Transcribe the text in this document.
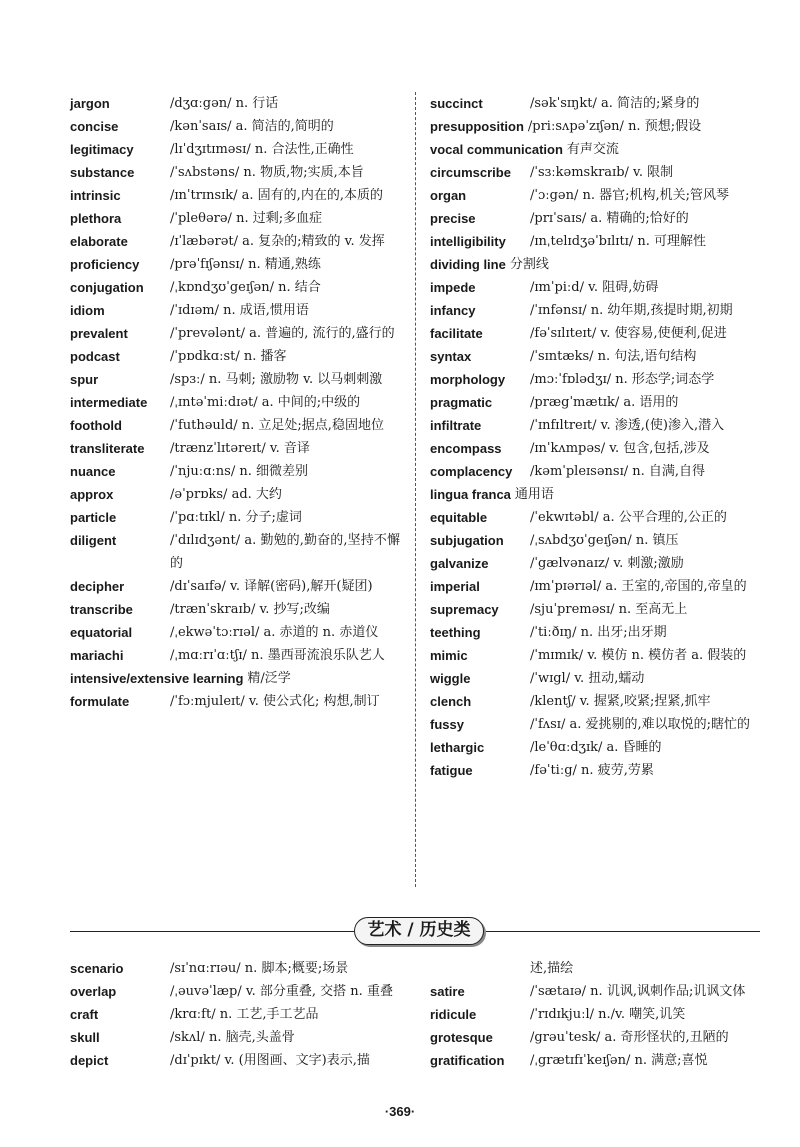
jargon	/dʒɑːgən/ n. 行话
concise	/kənˈsaɪs/ a. 简洁的,简明的
legitimacy	/lɪˈdʒɪtɪməsɪ/ n. 合法性,正确性
substance	/ˈsʌbstəns/ n. 物质,物;实质,本旨
intrinsic	/ɪnˈtrɪnsɪk/ a. 固有的,内在的,本质的
plethora	/ˈpleθərə/ n. 过剩;多血症
elaborate	/ɪˈlæbərət/ a. 复杂的;精致的 v. 发挥
proficiency	/prəˈfɪʃənsɪ/ n. 精通,熟练
conjugation	/ˌkɒndʒʊˈgeɪʃən/ n. 结合
idiom	/ˈɪdɪəm/ n. 成语,惯用语
prevalent	/ˈprevələnt/ a. 普遍的, 流行的,盛行的
podcast	/ˈpɒdkɑːst/ n. 播客
spur	/spɜː/ n. 马刺; 激励物 v. 以马刺刺激
intermediate	/ˌɪntəˈmiːdɪət/ a. 中间的;中级的
foothold	/ˈfuthəuld/ n. 立足处;据点,稳固地位
transliterate	/trænzˈlɪtəreɪt/ v. 音译
nuance	/ˈnjuːɑːns/ n. 细微差别
approx	/əˈprɒks/ ad. 大约
particle	/ˈpɑːtɪkl/ n. 分子;虚词
diligent	/ˈdɪlɪdʒənt/ a. 勤勉的,勤奋的,坚持不懈的
decipher	/dɪˈsaɪfə/ v. 译解(密码),解开(疑团)
transcribe	/trænˈskraɪb/ v. 抄写;改编
equatorial	/ˌekwəˈtɔːrɪəl/ a. 赤道的 n. 赤道仪
mariachi	/ˌmɑːrɪˈɑːtʃɪ/ n. 墨西哥流浪乐队艺人
intensive/extensive learning 精/泛学
formulate	/ˈfɔːmjuleɪt/ v. 使公式化; 构想,制订
succinct	/səkˈsɪŋkt/ a. 简洁的;紧身的
presupposition /priːsʌpəˈzɪʃən/ n. 预想;假设
vocal communication 有声交流
circumscribe	/ˈsɜːkəmskraɪb/ v. 限制
organ	/ˈɔːgən/ n. 器官;机构,机关;管风琴
precise	/prɪˈsaɪs/ a. 精确的;恰好的
intelligibility	/ɪnˌtelɪdʒəˈbɪlɪtɪ/ n. 可理解性
dividing line 分割线
impede	/ɪmˈpiːd/ v. 阻碍,妨碍
infancy	/ˈɪnfənsɪ/ n. 幼年期,孩提时期,初期
facilitate	/fəˈsɪlɪteɪt/ v. 使容易,使便利,促进
syntax	/ˈsɪntæks/ n. 句法,语句结构
morphology	/mɔːˈfɒlədʒɪ/ n. 形态学;词态学
pragmatic	/prægˈmætɪk/ a. 语用的
infiltrate	/ˈɪnfɪltreɪt/ v. 渗透,(使)渗入,潜入
encompass	/ɪnˈkʌmpəs/ v. 包含,包括,涉及
complacency	/kəmˈpleɪsənsɪ/ n. 自满,自得
lingua franca 通用语
equitable	/ˈekwɪtəbl/ a. 公平合理的,公正的
subjugation	/ˌsʌbdʒʊˈgeɪʃən/ n. 镇压
galvanize	/ˈgælvənaɪz/ v. 刺激;激励
imperial	/ɪmˈpɪərɪəl/ a. 王室的,帝国的,帝皇的
supremacy	/sjuˈpreməsɪ/ n. 至高无上
teething	/ˈtiːðɪŋ/ n. 出牙;出牙期
mimic	/ˈmɪmɪk/ v. 模仿 n. 模仿者 a. 假装的
wiggle	/ˈwɪgl/ v. 扭动,蠕动
clench	/klentʃ/ v. 握紧,咬紧;捏紧,抓牢
fussy	/ˈfʌsɪ/ a. 爱挑剔的,难以取悦的;瞎忙的
lethargic	/leˈθɑːdʒɪk/ a. 昏睡的
fatigue	/fəˈtiːg/ n. 疲劳,劳累
艺术 / 历史类
scenario	/sɪˈnɑːrɪəu/ n. 脚本;概要;场景
overlap	/ˌəuvəˈlæp/ v. 部分重叠, 交搭 n. 重叠
craft	/krɑːft/ n. 工艺,手工艺品
skull	/skʌl/ n. 脑壳,头盖骨
depict	/dɪˈpɪkt/ v. (用图画、文字)表示,描
述,描绘
satire	/ˈsætaɪə/ n. 讥讽,讽刺作品;讥讽文体
ridicule	/ˈrɪdɪkjuːl/ n./v. 嘲笑,讥笑
grotesque	/grəuˈtesk/ a. 奇形怪状的,丑陋的
gratification	/ˌgrætɪfɪˈkeɪʃən/ n. 满意;喜悦
·369·
